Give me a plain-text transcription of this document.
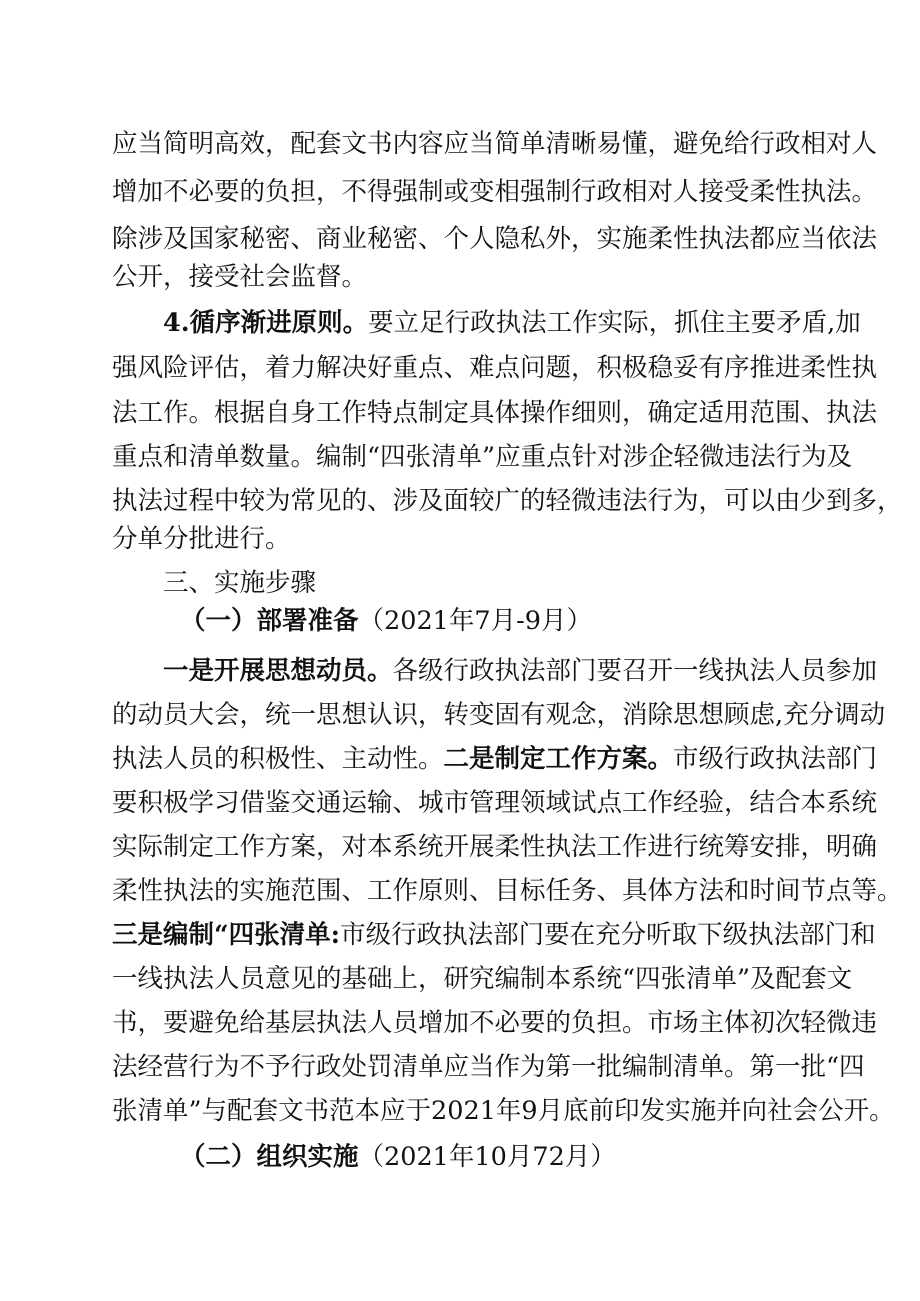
应当简明高效，配套文书内容应当简单清晰易懂，避免给行政相对人
增加不必要的负担，不得强制或变相强制行政相对人接受柔性执法。
除涉及国家秘密、商业秘密、个人隐私外，实施柔性执法都应当依法
公开，接受社会监督。
4.循序渐进原则。要立足行政执法工作实际，抓住主要矛盾,加
强风险评估，着力解决好重点、难点问题，积极稳妥有序推进柔性执
法工作。根据自身工作特点制定具体操作细则，确定适用范围、执法
重点和清单数量。编制“四张清单”应重点针对涉企轻微违法行为及
执法过程中较为常见的、涉及面较广的轻微违法行为，可以由少到多，
分单分批进行。
三、实施步骤
（一）部署准备（2021年7月-9月）
一是开展思想动员。各级行政执法部门要召开一线执法人员参加
的动员大会，统一思想认识，转变固有观念，消除思想顾虑,充分调动
执法人员的积极性、主动性。二是制定工作方案。市级行政执法部门
要积极学习借鉴交通运输、城市管理领域试点工作经验，结合本系统
实际制定工作方案，对本系统开展柔性执法工作进行统筹安排，明确
柔性执法的实施范围、工作原则、目标任务、具体方法和时间节点等。
三是编制“四张清单:市级行政执法部门要在充分听取下级执法部门和
一线执法人员意见的基础上，研究编制本系统“四张清单”及配套文
书，要避免给基层执法人员增加不必要的负担。市场主体初次轻微违
法经营行为不予行政处罚清单应当作为第一批编制清单。第一批“四
张清单”与配套文书范本应于2021年9月底前印发实施并向社会公开。
（二）组织实施（2021年10月72月）
